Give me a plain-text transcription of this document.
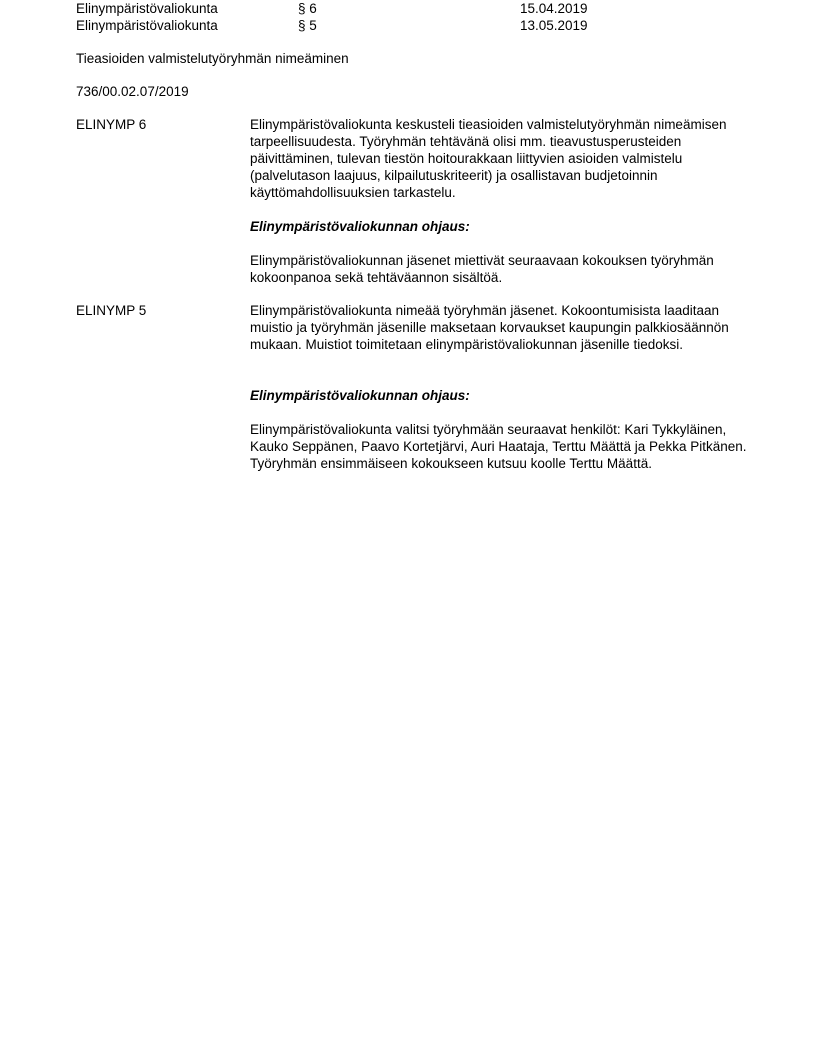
Elinympäristövaliokunta	§ 6	15.04.2019
Elinympäristövaliokunta	§ 5	13.05.2019
Tieasioiden valmistelutyöryhmän nimeäminen
736/00.02.07/2019
ELINYMP 6	Elinympäristövaliokunta keskusteli tieasioiden valmistelutyöryhmän nimeämisen tarpeellisuudesta. Työryhmän tehtävänä olisi mm. tieavustusperusteiden päivittäminen, tulevan tiestön hoitourakkaan liittyvien asioiden valmistelu (palvelutason laajuus, kilpailutuskriteerit) ja osallistavan budjetoinnin käyttömahdollisuuksien tarkastelu.

Elinympäristövaliokunnan ohjaus:

Elinympäristövaliokunnan jäsenet miettivät seuraavaan kokouksen työryhmän kokoonpanoa sekä tehtäväannon sisältöä.

ELINYMP 5	Elinympäristövaliokunta nimeää työryhmän jäsenet. Kokoontumisista laaditaan muistio ja työryhmän jäsenille maksetaan korvaukset kaupungin palkkiosäännön mukaan. Muistiot toimitetaan elinympäristövaliokunnan jäsenille tiedoksi.

Elinympäristövaliokunnan ohjaus:

Elinympäristövaliokunta valitsi työryhmään seuraavat henkilöt: Kari Tykkyläinen, Kauko Seppänen, Paavo Kortetjärvi, Auri Haataja, Terttu Määttä ja Pekka Pitkänen.

Työryhmän ensimmäiseen kokoukseen kutsuu koolle Terttu Määttä.
